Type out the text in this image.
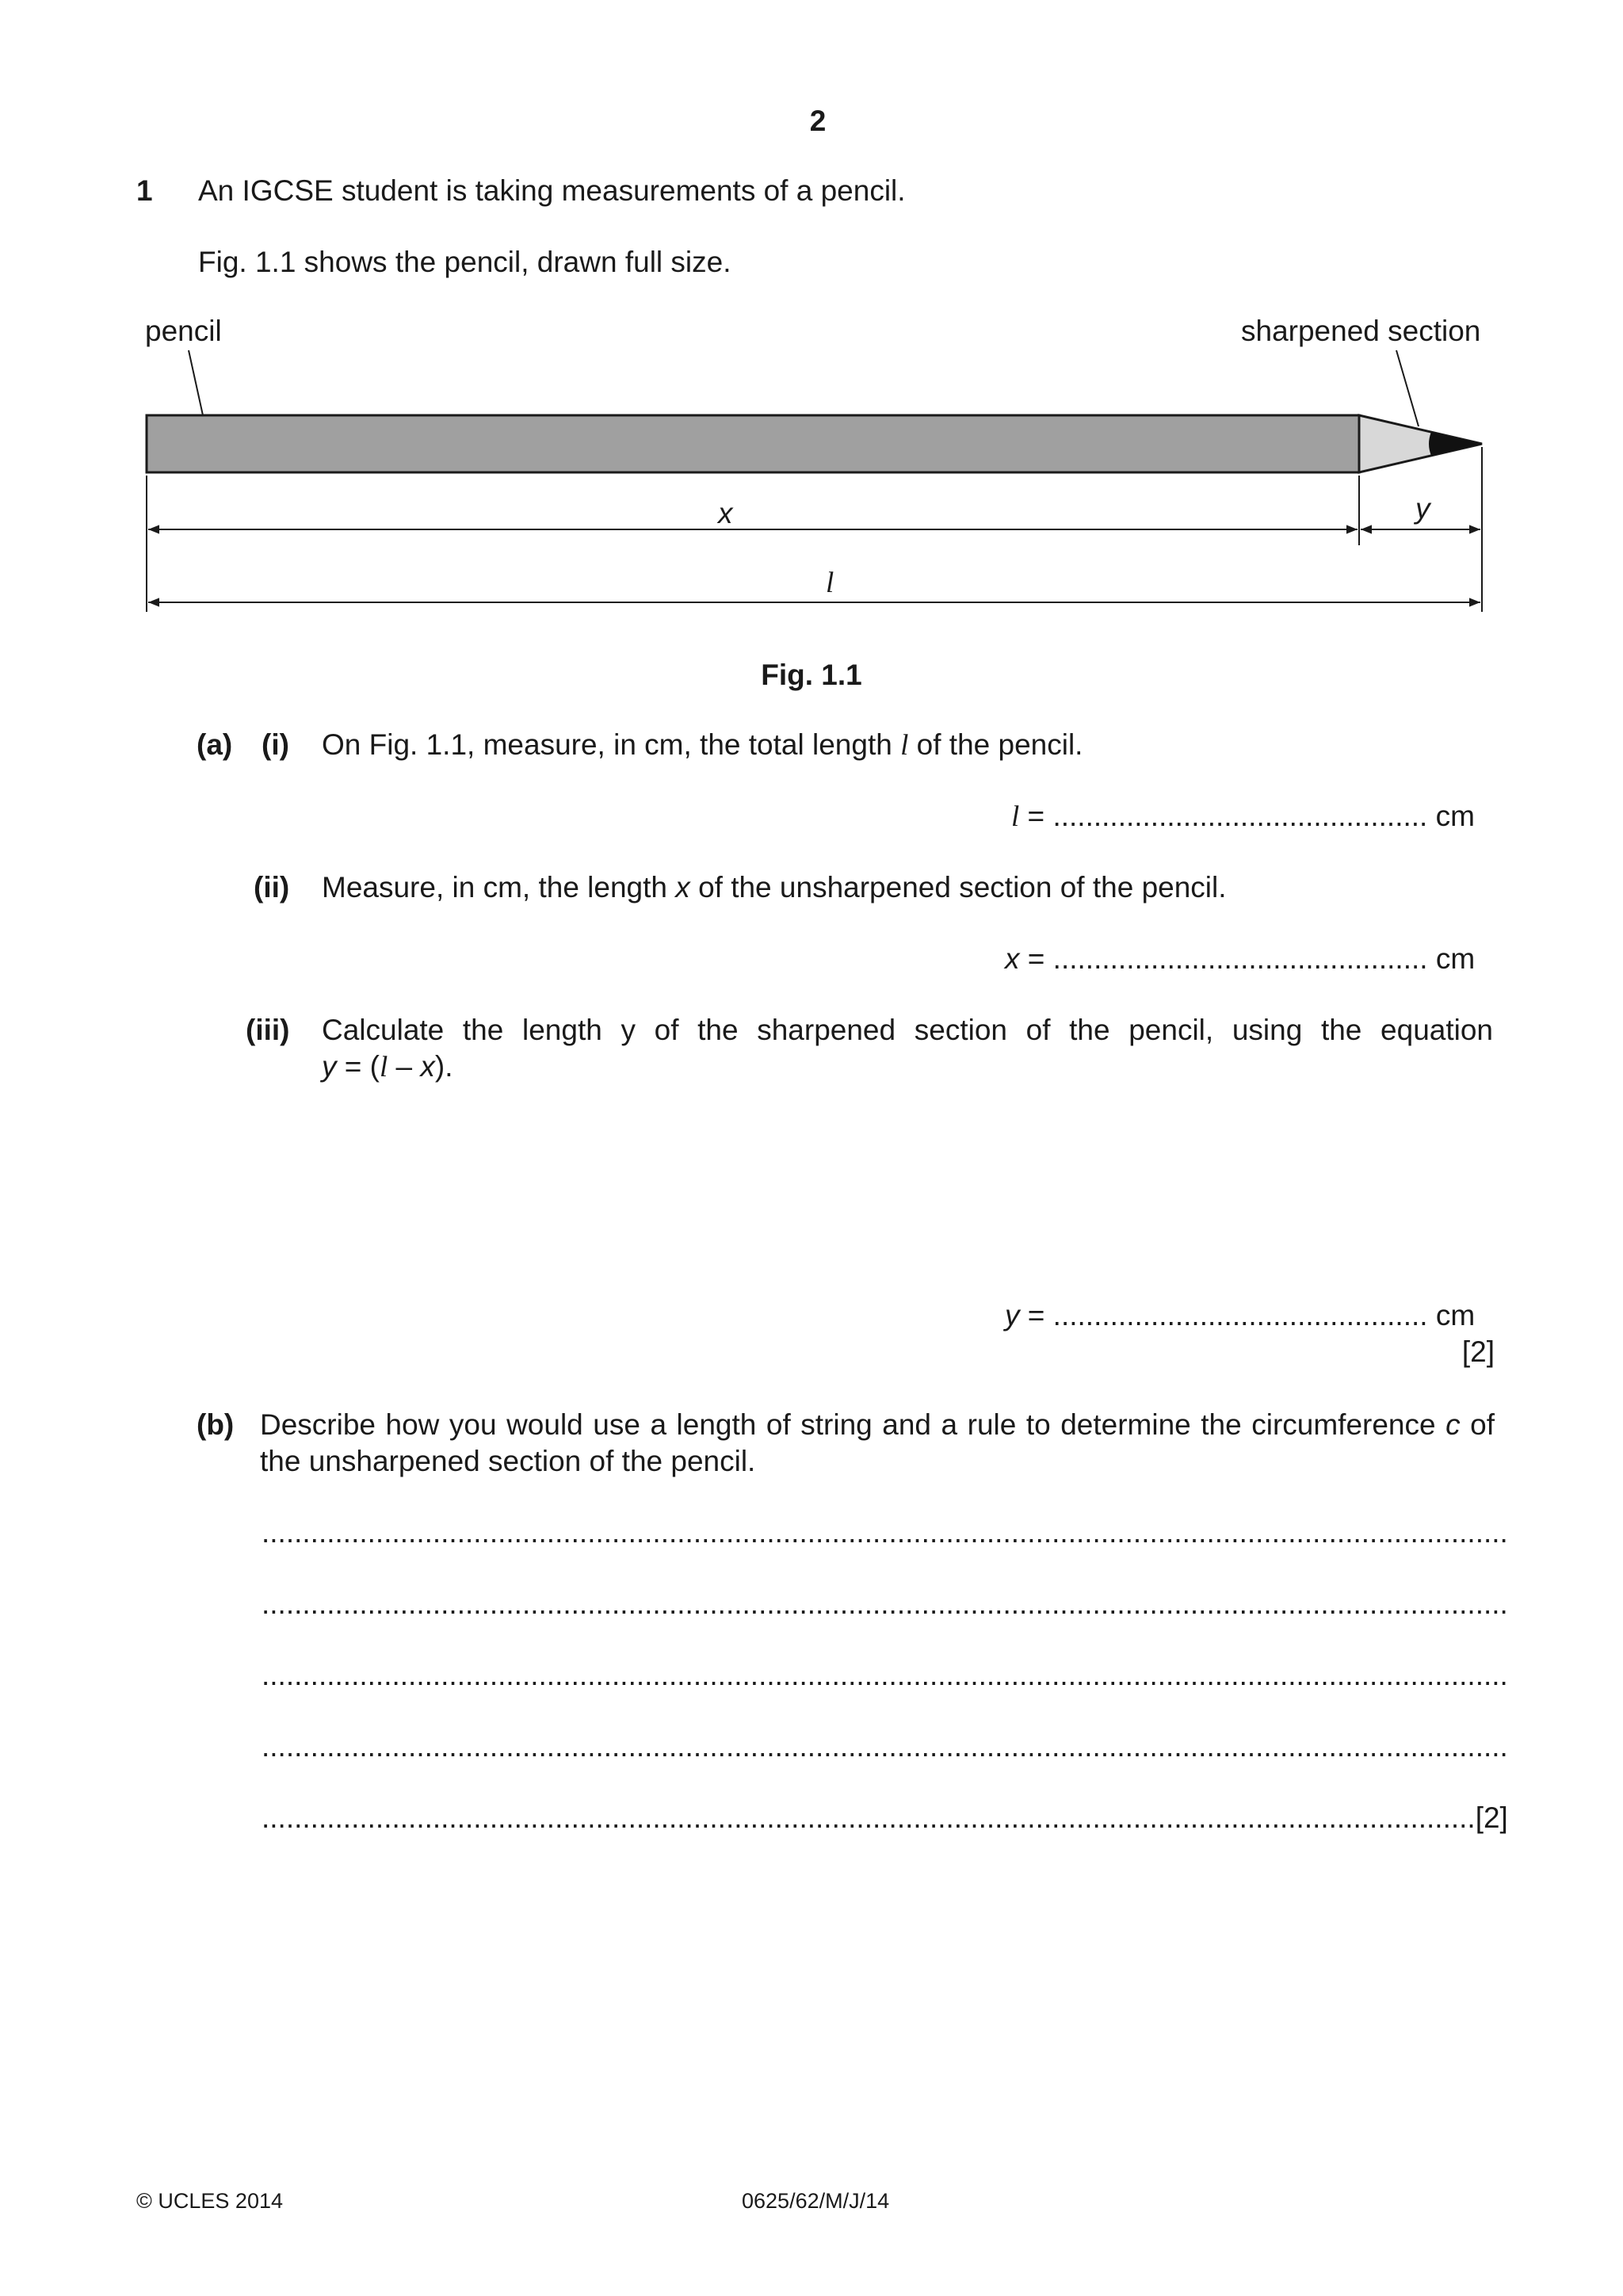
2
1 An IGCSE student is taking measurements of a pencil.
Fig. 1.1 shows the pencil, drawn full size.
pencil	sharpened section
x	y
l
Fig. 1.1
(a) (i) On Fig. 1.1, measure, in cm, the total length l of the pencil.
l = .............................................. cm
(ii) Measure, in cm, the length x of the unsharpened section of the pencil.
x = .............................................. cm
(iii) Calculate the length y of the sharpened section of the pencil, using the equation
y = (l – x).
y = .............................................. cm
[2]
(b) Describe how you would use a length of string and a rule to determine the circumference c of
the unsharpened section of the pencil.
.........................................................................................................................................................
.........................................................................................................................................................
.........................................................................................................................................................
.........................................................................................................................................................
.....................................................................................................................................................[2]
© UCLES 2014	0625/62/M/J/14
